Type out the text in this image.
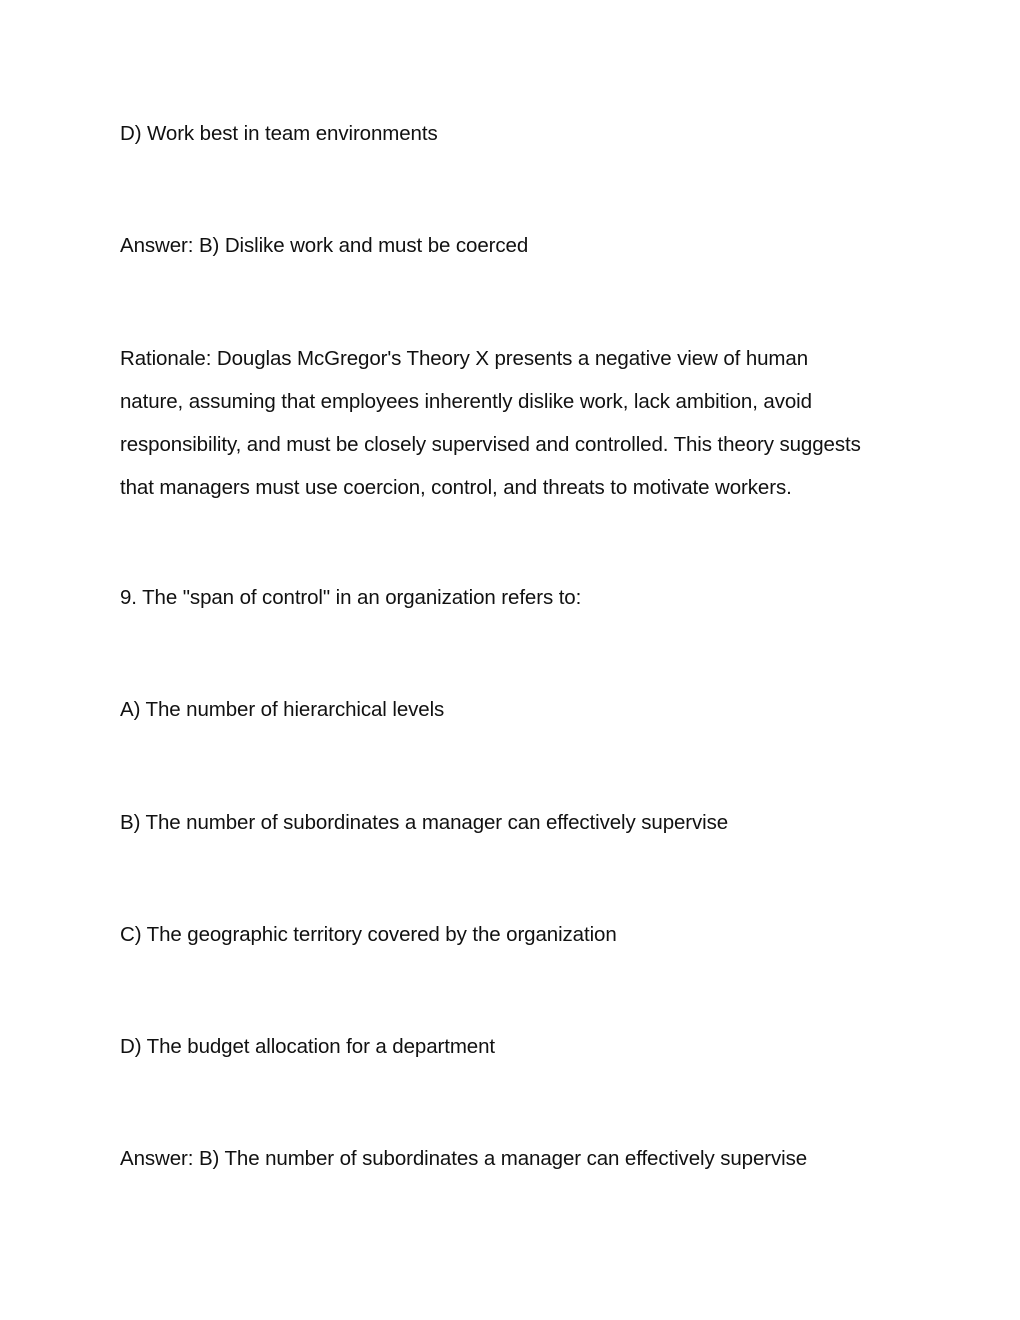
D) Work best in team environments
Answer: B) Dislike work and must be coerced
Rationale: Douglas McGregor's Theory X presents a negative view of human
nature, assuming that employees inherently dislike work, lack ambition, avoid
responsibility, and must be closely supervised and controlled. This theory suggests
that managers must use coercion, control, and threats to motivate workers.
9. The "span of control" in an organization refers to:
A) The number of hierarchical levels
B) The number of subordinates a manager can effectively supervise
C) The geographic territory covered by the organization
D) The budget allocation for a department
Answer: B) The number of subordinates a manager can effectively supervise
